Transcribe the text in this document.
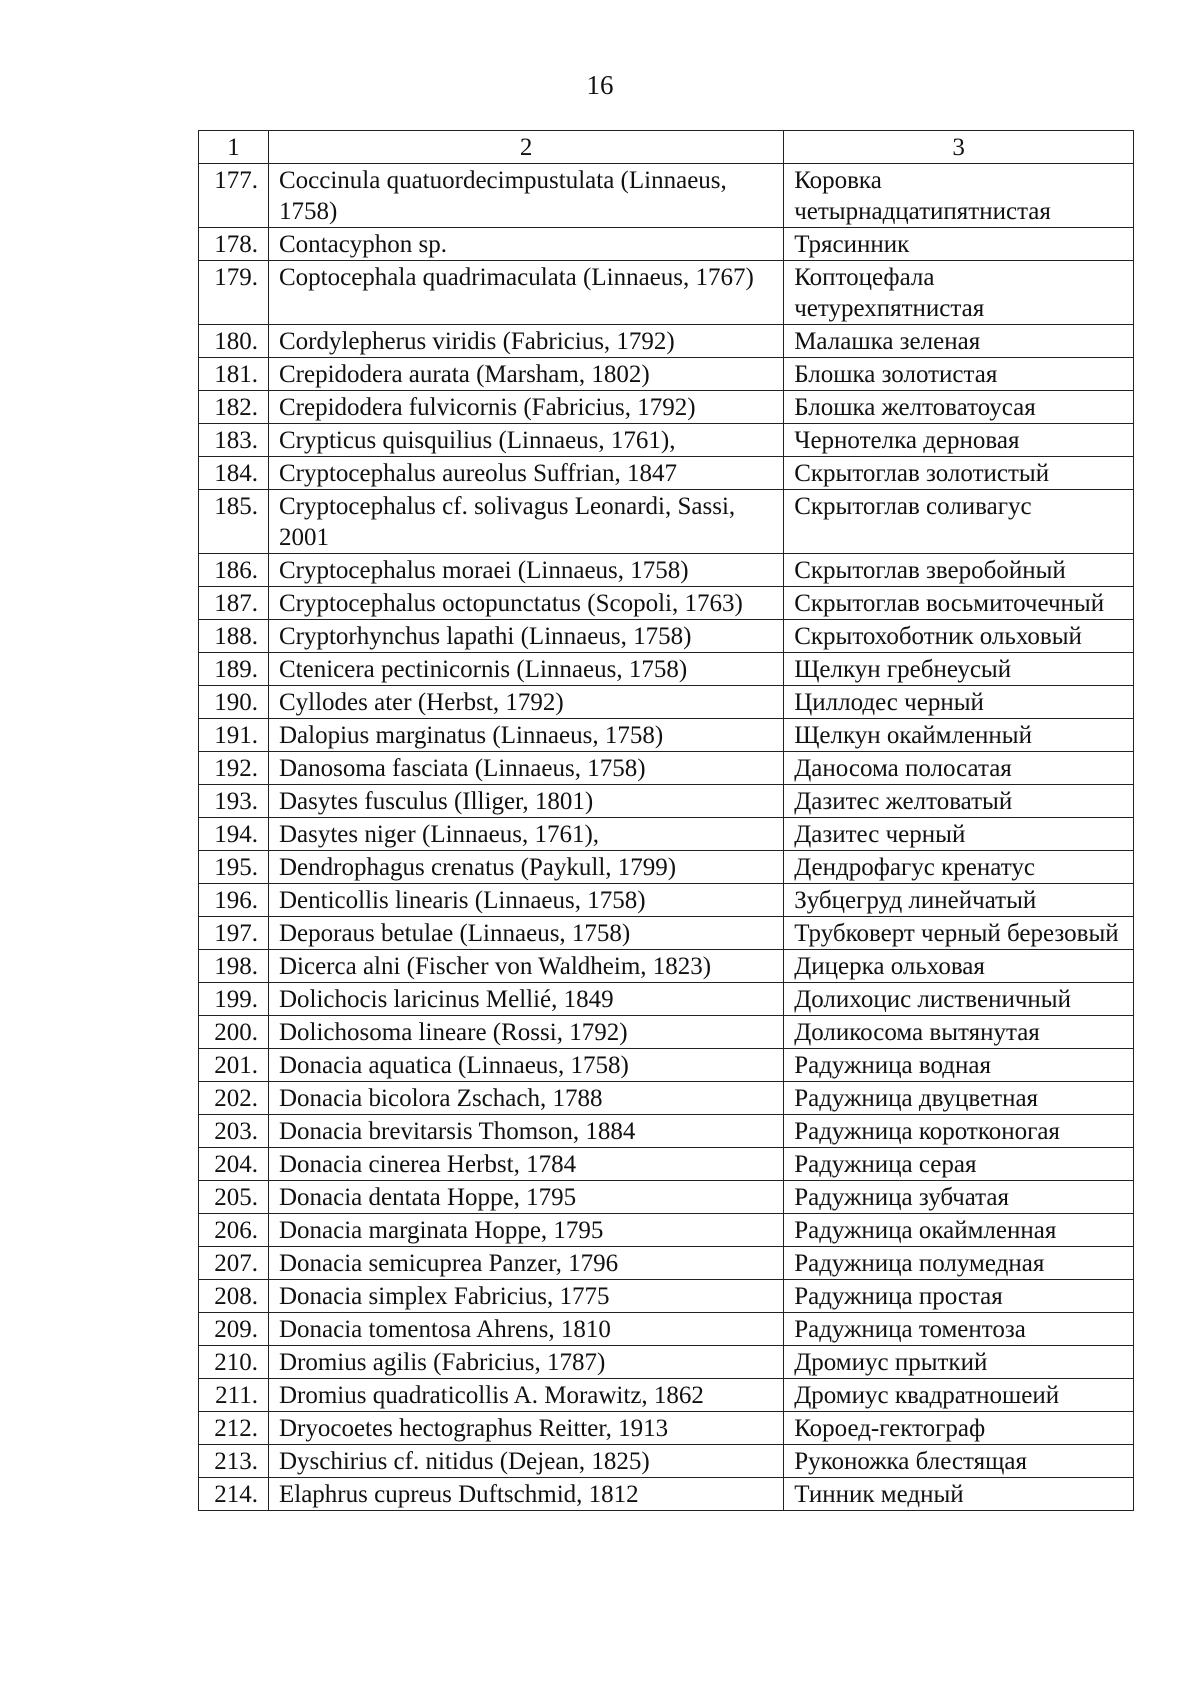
16
1	2	3
177.	Coccinula quatuordecimpustulata (Linnaeus, 1758)	Коровка четырнадцатипятнистая
178.	Contacyphon sp.	Трясинник
179.	Coptocephala quadrimaculata (Linnaeus, 1767)	Коптоцефала четурехпятнистая
180.	Cordylepherus viridis (Fabricius, 1792)	Малашка зеленая
181.	Crepidodera aurata (Marsham, 1802)	Блошка золотистая
182.	Crepidodera fulvicornis (Fabricius, 1792)	Блошка желтоватоусая
183.	Crypticus quisquilius (Linnaeus, 1761),	Чернотелка дерновая
184.	Cryptocephalus aureolus Suffrian, 1847	Скрытоглав золотистый
185.	Cryptocephalus cf. solivagus Leonardi, Sassi, 2001	Скрытоглав соливагус
186.	Cryptocephalus moraei (Linnaeus, 1758)	Скрытоглав зверобойный
187.	Cryptocephalus octopunctatus (Scopoli, 1763)	Скрытоглав восьмиточечный
188.	Cryptorhynchus lapathi (Linnaeus, 1758)	Скрытохоботник ольховый
189.	Ctenicera pectinicornis (Linnaeus, 1758)	Щелкун гребнеусый
190.	Cyllodes ater (Herbst, 1792)	Циллодес черный
191.	Dalopius marginatus (Linnaeus, 1758)	Щелкун окаймленный
192.	Danosoma fasciata (Linnaeus, 1758)	Даносома полосатая
193.	Dasytes fusculus (Illiger, 1801)	Дазитес желтоватый
194.	Dasytes niger (Linnaeus, 1761),	Дазитес черный
195.	Dendrophagus crenatus (Paykull, 1799)	Дендрофагус кренатус
196.	Denticollis linearis (Linnaeus, 1758)	Зубцегруд линейчатый
197.	Deporaus betulae (Linnaeus, 1758)	Трубковерт черный березовый
198.	Dicerca alni (Fischer von Waldheim, 1823)	Дицерка ольховая
199.	Dolichocis laricinus Mellié, 1849	Долихоцис лиственичный
200.	Dolichosoma lineare (Rossi, 1792)	Доликосома вытянутая
201.	Donacia aquatica (Linnaeus, 1758)	Радужница водная
202.	Donacia bicolora Zschach, 1788	Радужница двуцветная
203.	Donacia brevitarsis Thomson, 1884	Радужница коротконогая
204.	Donacia cinerea Herbst, 1784	Радужница серая
205.	Donacia dentata Hoppe, 1795	Радужница зубчатая
206.	Donacia marginata Hoppe, 1795	Радужница окаймленная
207.	Donacia semicuprea Panzer, 1796	Радужница полумедная
208.	Donacia simplex Fabricius, 1775	Радужница простая
209.	Donacia tomentosa Ahrens, 1810	Радужница томентоза
210.	Dromius agilis (Fabricius, 1787)	Дромиус прыткий
211.	Dromius quadraticollis A. Morawitz, 1862	Дромиус квадратношеий
212.	Dryocoetes hectographus Reitter, 1913	Короед-гектограф
213.	Dyschirius cf. nitidus (Dejean, 1825)	Руконожка блестящая
214.	Elaphrus cupreus Duftschmid, 1812	Тинник медный
